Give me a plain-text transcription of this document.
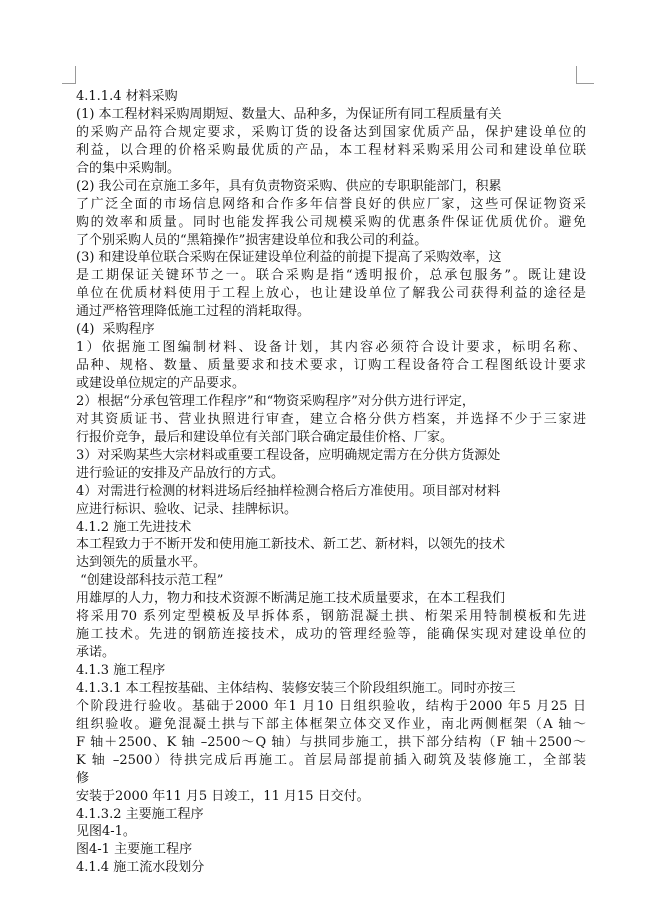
4.1.1.4 材料采购
(1) 本工程材料采购周期短、数量大、品种多，为保证所有同工程质量有关
的采购产品符合规定要求，采购订货的设备达到国家优质产品，保护建设单位的
利益，以合理的价格采购最优质的产品，本工程材料采购采用公司和建设单位联
合的集中采购制。
(2) 我公司在京施工多年，具有负责物资采购、供应的专职职能部门，积累
了广泛全面的市场信息网络和合作多年信誉良好的供应厂家，这些可保证物资采
购的效率和质量。同时也能发挥我公司规模采购的优惠条件保证优质优价。避免
了个别采购人员的“黑箱操作”损害建设单位和我公司的利益。
(3) 和建设单位联合采购在保证建设单位利益的前提下提高了采购效率，这
是工期保证关键环节之一。联合采购是指“透明报价，总承包服务”。既让建设
单位在优质材料使用于工程上放心，也让建设单位了解我公司获得利益的途径是
通过严格管理降低施工过程的消耗取得。
(4)  采购程序
1）依据施工图编制材料、设备计划，其内容必须符合设计要求，标明名称、
品种、规格、数量、质量要求和技术要求，订购工程设备符合工程图纸设计要求
或建设单位规定的产品要求。
2）根据“分承包管理工作程序”和“物资采购程序”对分供方进行评定，
对其资质证书、营业执照进行审查，建立合格分供方档案，并选择不少于三家进
行报价竞争，最后和建设单位有关部门联合确定最佳价格、厂家。
3）对采购某些大宗材料或重要工程设备，应明确规定需方在分供方货源处
进行验证的安排及产品放行的方式。
4）对需进行检测的材料进场后经抽样检测合格后方准使用。项目部对材料
应进行标识、验收、记录、挂牌标识。
4.1.2 施工先进技术
本工程致力于不断开发和使用施工新技术、新工艺、新材料，以领先的技术
达到领先的质量水平。
“创建设部科技示范工程”
用雄厚的人力，物力和技术资源不断满足施工技术质量要求，在本工程我们
将采用70 系列定型模板及早拆体系，钢筋混凝土拱、桁架采用特制模板和先进
施工技术。先进的钢筋连接技术，成功的管理经验等，能确保实现对建设单位的
承诺。
4.1.3 施工程序
4.1.3.1 本工程按基础、主体结构、装修安装三个阶段组织施工。同时亦按三
个阶段进行验收。基础于2000 年1 月10 日组织验收，结构于2000 年5 月25 日
组织验收。避免混凝土拱与下部主体框架立体交叉作业，南北两侧框架（A 轴～
F 轴＋2500、K 轴 –2500～Q 轴）与拱同步施工，拱下部分结构（F 轴＋2500～
K 轴 –2500）待拱完成后再施工。首层局部提前插入砌筑及装修施工，全部装
修
安装于2000 年11 月5 日竣工，11 月15 日交付。
4.1.3.2 主要施工程序
见图4-1。
图4-1 主要施工程序
4.1.4 施工流水段划分
